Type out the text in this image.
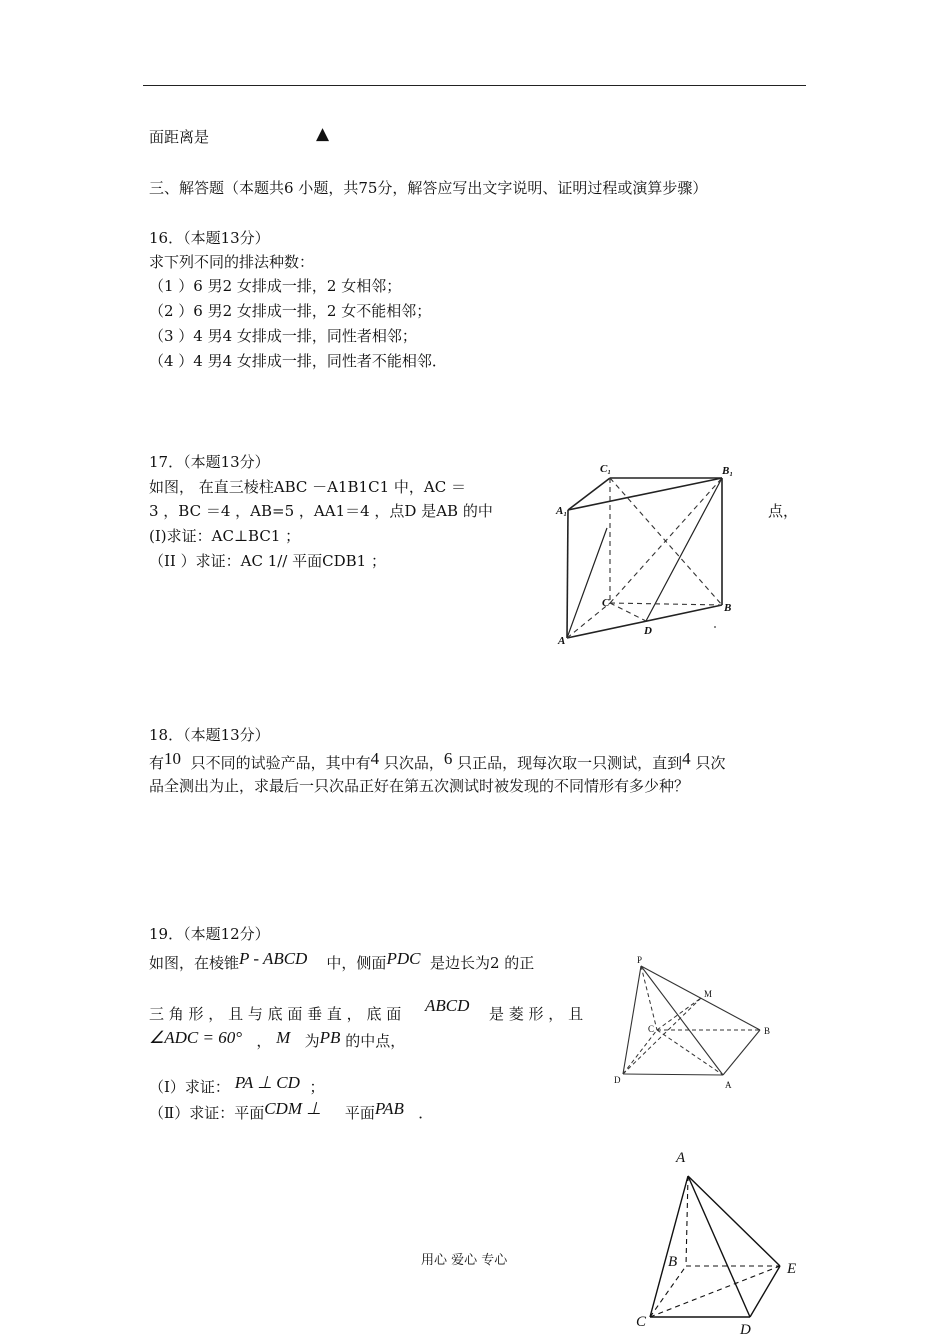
面距离是	▲
三、解答题（本题共6 小题，共75分，解答应写出文字说明、证明过程或演算步骤）
16．（本题13分）
求下列不同的排法种数：
（1 ）6 男2 女排成一排，2 女相邻；
（2 ）6 男2 女排成一排，2 女不能相邻；
（3 ）4 男4 女排成一排，同性者相邻；
（4 ）4 男4 女排成一排，同性者不能相邻．
17．（本题13分）
如图， 在直三棱柱ABC －A1B1C1 中，AC ＝
3 ，BC ＝4 ，AB=5 ，AA1＝4 ，点D 是AB 的中	点，
(I)求证：AC⊥BC1 ；
（II ）求证：AC 1// 平面CDB1 ；
C₁	B₁
A₁
C	B
A
D
18．（本题13分）
有10 只不同的试验产品，其中有4 只次品，6 只正品，现每次取一只测试，直到4 只次
品全测出为止，求最后一只次品正好在第五次测试时被发现的不同情形有多少种？
19．（本题12分）
如图，在棱锥P - ABCD 中，侧面PDC 是边长为2 的正
三 角 形 ， 且 与 底 面 垂 直 ， 底 面 ABCD 是 菱 形 ， 且
∠ADC = 60° ， M 为PB 的中点，
（Ⅰ）求证： PA ⊥ CD ；
（Ⅱ）求证：平面CDM ⊥ 平面PAB ．
P
M
C	B
D	A
A
B	E
C	D
用心 爱心 专心
